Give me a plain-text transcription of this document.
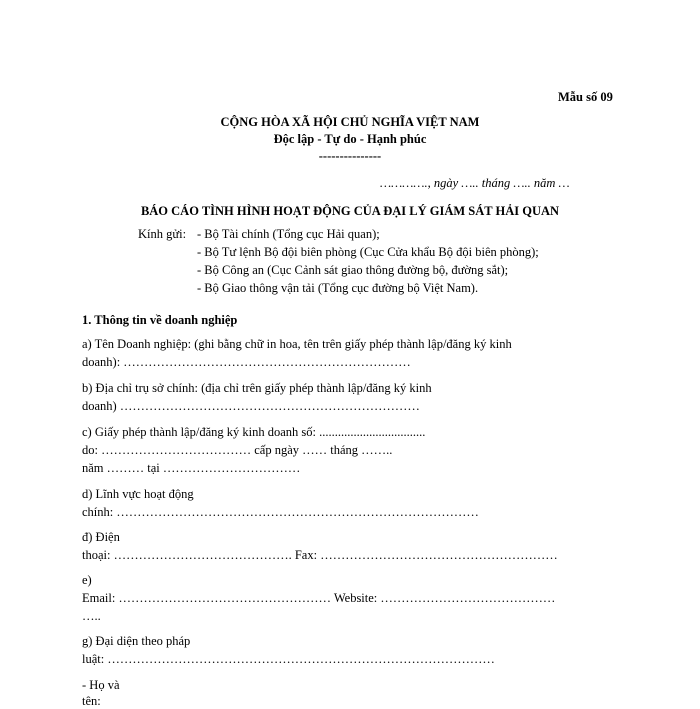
Mẫu số 09
CỘNG HÒA XÃ HỘI CHỦ NGHĨA VIỆT NAM
Độc lập - Tự do - Hạnh phúc
---------------
…………., ngày ….. tháng ….. năm …
BÁO CÁO TÌNH HÌNH HOẠT ĐỘNG CỦA ĐẠI LÝ GIÁM SÁT HẢI QUAN
Kính gửi: - Bộ Tài chính (Tổng cục Hải quan);
- Bộ Tư lệnh Bộ đội biên phòng (Cục Cửa khẩu Bộ đội biên phòng);
- Bộ Công an (Cục Cảnh sát giao thông đường bộ, đường sắt);
- Bộ Giao thông vận tải (Tổng cục đường bộ Việt Nam).
1. Thông tin về doanh nghiệp
a) Tên Doanh nghiệp: (ghi bằng chữ in hoa, tên trên giấy phép thành lập/đăng ký kinh
doanh): ……………………………………………………………
b) Địa chỉ trụ sở chính: (địa chỉ trên giấy phép thành lập/đăng ký kinh
doanh) ………………………………………………………………
c) Giấy phép thành lập/đăng ký kinh doanh số: ..................................
do: ……………………………… cấp ngày …… tháng ……..
năm ……… tại ……………………………
d) Lĩnh vực hoạt động
chính: ……………………………………………………………………………
đ) Điện
thoại: ……………………………………. Fax: …………………………………………………
e)
Email: …………………………………………… Website: ……………………………………
…..
g) Đại diện theo pháp
luật: …………………………………………………………………………………
- Họ và
tên:
